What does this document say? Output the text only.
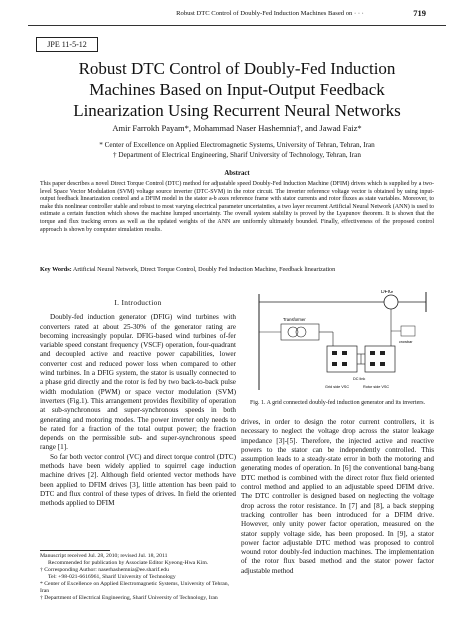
Robust DTC Control of Doubly-Fed Induction Machines Based on · · ·	719
JPE 11-5-12
Robust DTC Control of Doubly-Fed Induction
Machines Based on Input-Output Feedback
Linearization Using Recurrent Neural Networks
Amir Farrokh Payam*, Mohammad Naser Hashemnia†, and Jawad Faiz*
* Center of Excellence on Applied Electromagnetic Systems, University of Tehran, Tehran, Iran
† Department of Electrical Engineering, Sharif University of Technology, Tehran, Iran
Abstract
This paper describes a novel Direct Torque Control (DTC) method for adjustable speed Doubly-Fed Induction Machine (DFIM) drives which is supplied by a two-level Space Vector Modulation (SVM) voltage source inverter (DTC-SVM) in the rotor circuit. The inverter reference voltage vector is obtained by using input-output feedback linearization control and a DFIM model in the stator a-b axes reference frame with stator currents and rotor fluxes as state variables. Moreover, to make this nonlinear controller stable and robust to most varying electrical parameter uncertainties, a two layer recurrent Artificial Neural Network (ANN) is used to estimate a certain function which shows the machine lumped uncertainty. The overall system stability is proved by the Lyapunov theorem. It is shown that the torque and flux tracking errors as well as the updated weights of the ANN are uniformly ultimately bounded. Finally, effectiveness of the proposed control approach is shown by computer simulation results.
Key Words: Artificial Neural Network, Direct Torque Control, Doubly Fed Induction Machine, Feedback linearization

I. Introduction

Doubly-fed induction generator (DFIG) wind turbines with converters rated at about 25-30% of the generator rating are becoming increasingly popular. DFIG-based wind turbines of-fer variable speed constant frequency (VSCF) operation, four-quadrant and decoupled active and reactive power capabilities, lower converter cost and reduced power loss when compared to other wind turbines. In a DFIG system, the stator is usually connected to a phase grid directly and the rotor is fed by two back-to-back pulse width modulation (PWM) or space vector modulation (SVM) inverters (Fig.1). This arrangement provides flexibility of operation at sub-synchronous and super-synchronous speeds in both generating and motoring modes. The power inverter only needs to be rated for a fraction of the total output power; the fraction depends on the permissible sub- and super-synchronous speed range [1].

So far both vector control (VC) and direct torque control (DTC) methods have been widely applied to squirrel cage induction machine drives [2]. Although field oriented vector methods have been applied to DFIM drives [3], little attention has been paid to DTC and flux control of these types of drives. In field the oriented methods applied to DFIM

DFIG
Transformer
DC link
crowbar
Grid side VSC	Rotor side VSC
Fig. 1. A grid connected doubly-fed induction generator and its inverters.

drives, in order to design the rotor current controllers, it is necessary to neglect the voltage drop across the stator leakage impedance [3]-[5]. Therefore, the injected active and reactive powers to the stator can be independently controlled. This assumption leads to a steady-state error in both the motoring and generating modes of operation. In [6] the conventional bang-bang DTC method is combined with the direct rotor flux field oriented control method and applied to an adjustable speed DFIM drive. The DTC controller is designed based on neglecting the voltage drop across the rotor resistance. In [7] and [8], a back stepping tracking controller has been introduced for a DFIM drive. However, only unity power factor operation, measured on the stator supply voltage side, has been proposed. In [9], a stator power factor adjustable DTC method was proposed to control wound rotor doubly-fed induction machines. The implementation of the rotor flux based method and the stator power factor adjustable method

Manuscript received Jul. 28, 2010; revised Jul. 18, 2011
Recommended for publication by Associate Editor Kyeong-Hwa Kim.
† Corresponding Author: naserhashemnia@ee.sharif.edu
Tel: +98-021-6616961, Sharif University of Technology
* Center of Excellence on Applied Electromagnetic Systems, University of Tehran, Iran
† Department of Electrical Engineering, Sharif University of Technology, Iran
